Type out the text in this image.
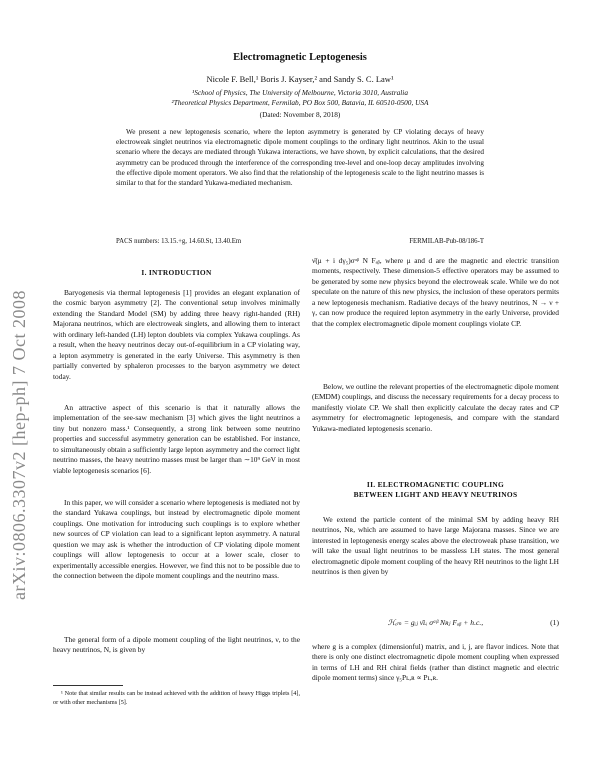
arXiv:0806.3307v2 [hep-ph] 7 Oct 2008
Electromagnetic Leptogenesis
Nicole F. Bell,¹ Boris J. Kayser,² and Sandy S. C. Law¹
¹School of Physics, The University of Melbourne, Victoria 3010, Australia
²Theoretical Physics Department, Fermilab, PO Box 500, Batavia, IL 60510-0500, USA
(Dated: November 8, 2018)

We present a new leptogenesis scenario, where the lepton asymmetry is generated by CP violating decays of heavy electroweak singlet neutrinos via electromagnetic dipole moment couplings to the ordinary light neutrinos. Akin to the usual scenario where the decays are mediated through Yukawa interactions, we have shown, by explicit calculations, that the desired asymmetry can be produced through the interference of the corresponding tree-level and one-loop decay amplitudes involving the effective dipole moment operators. We also find that the relationship of the leptogenesis scale to the light neutrino masses is similar to that for the standard Yukawa-mediated mechanism.

PACS numbers: 13.15.+g, 14.60.St, 13.40.Em	FERMILAB-Pub-08/186-T
I. INTRODUCTION

Baryogenesis via thermal leptogenesis [1] provides an elegant explanation of the cosmic baryon asymmetry [2]. The conventional setup involves minimally extending the Standard Model (SM) by adding three heavy right-handed (RH) Majorana neutrinos, which are electroweak singlets, and allowing them to interact with ordinary left-handed (LH) lepton doublets via complex Yukawa couplings. As a result, when the heavy neutrinos decay out-of-equilibrium in a CP violating way, a lepton asymmetry is generated in the early Universe. This asymmetry is then partially converted by sphaleron processes to the baryon asymmetry we detect today.

An attractive aspect of this scenario is that it naturally allows the implementation of the see-saw mechanism [3] which gives the light neutrinos a tiny but nonzero mass.¹ Consequently, a strong link between some neutrino properties and successful asymmetry generation can be established. For instance, to simultaneously obtain a sufficiently large lepton asymmetry and the correct light neutrino masses, the heavy neutrino masses must be larger than ∼10⁹ GeV in most viable leptogenesis scenarios [6].

In this paper, we will consider a scenario where leptogenesis is mediated not by the standard Yukawa couplings, but instead by electromagnetic dipole moment couplings. One motivation for introducing such couplings is to explore whether new sources of CP violation can lead to a significant lepton asymmetry. A natural question we may ask is whether the introduction of CP violating dipole moment couplings will allow leptogenesis to occur at a lower scale, closer to experimentally accessible energies. However, we find this not to be possible due to the connection between the dipole moment couplings and the neutrino mass.

The general form of a dipole moment coupling of the light neutrinos, ν, to the heavy neutrinos, N, is given by

¹ Note that similar results can be instead achieved with the addition of heavy Higgs triplets [4], or with other mechanisms [5].

ν̄(μ + i dγ₅)σᵅᵝ N Fₐᵦ, where μ and d are the magnetic and electric transition moments, respectively. These dimension-5 effective operators may be assumed to be generated by some new physics beyond the electroweak scale. While we do not speculate on the nature of this new physics, the inclusion of these operators permits a new leptogenesis mechanism. Radiative decays of the heavy neutrinos, N → ν + γ, can now produce the required lepton asymmetry in the early Universe, provided that the complex electromagnetic dipole moment couplings violate CP.

Below, we outline the relevant properties of the electromagnetic dipole moment (EMDM) couplings, and discuss the necessary requirements for a decay process to manifestly violate CP. We shall then explicitly calculate the decay rates and CP asymmetry for electromagnetic leptogenesis, and compare with the standard Yukawa-mediated leptogenesis scenario.

II. ELECTROMAGNETIC COUPLING
BETWEEN LIGHT AND HEAVY NEUTRINOS

We extend the particle content of the minimal SM by adding heavy RH neutrinos, Nʀ, which are assumed to have large Majorana masses. Since we are interested in leptogenesis energy scales above the electroweak phase transition, we will take the usual light neutrinos to be massless LH states. The most general electromagnetic dipole moment coupling of the heavy RH neutrinos to the light LH neutrinos is then given by

ℋₑₘ = gᵢⱼ ν̄ʟᵢ σᵅᵝ Nʀⱼ Fₐᵦ + h.c.,	(1)

where g is a complex (dimensionful) matrix, and i, j, are flavor indices. Note that there is only one distinct electromagnetic dipole moment coupling when expressed in terms of LH and RH chiral fields (rather than distinct magnetic and electric dipole moment terms) since γ₅Pʟ,ʀ ∝ Pʟ,ʀ.
